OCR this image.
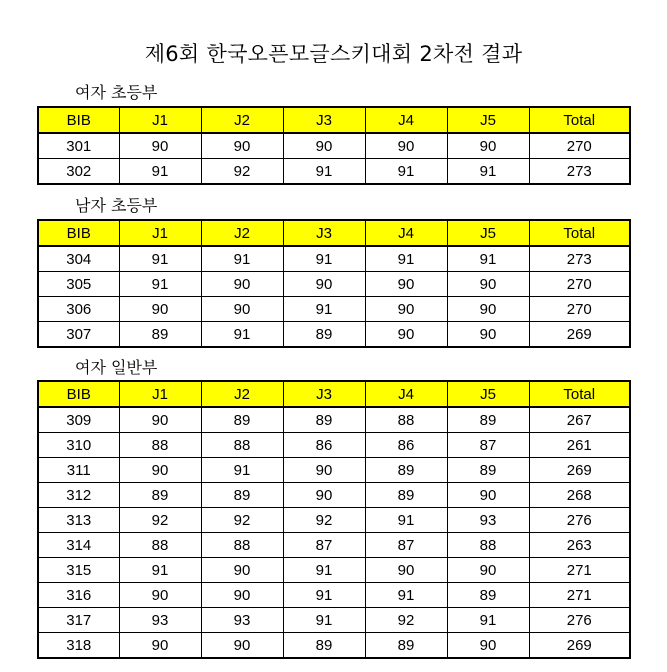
제6회 한국오픈모글스키대회 2차전 결과
여자 초등부
BIB	J1	J2	J3	J4	J5	Total
301	90	90	90	90	90	270
302	91	92	91	91	91	273
남자 초등부
BIB	J1	J2	J3	J4	J5	Total
304	91	91	91	91	91	273
305	91	90	90	90	90	270
306	90	90	91	90	90	270
307	89	91	89	90	90	269
여자 일반부
BIB	J1	J2	J3	J4	J5	Total
309	90	89	89	88	89	267
310	88	88	86	86	87	261
311	90	91	90	89	89	269
312	89	89	90	89	90	268
313	92	92	92	91	93	276
314	88	88	87	87	88	263
315	91	90	91	90	90	271
316	90	90	91	91	89	271
317	93	93	91	92	91	276
318	90	90	89	89	90	269
